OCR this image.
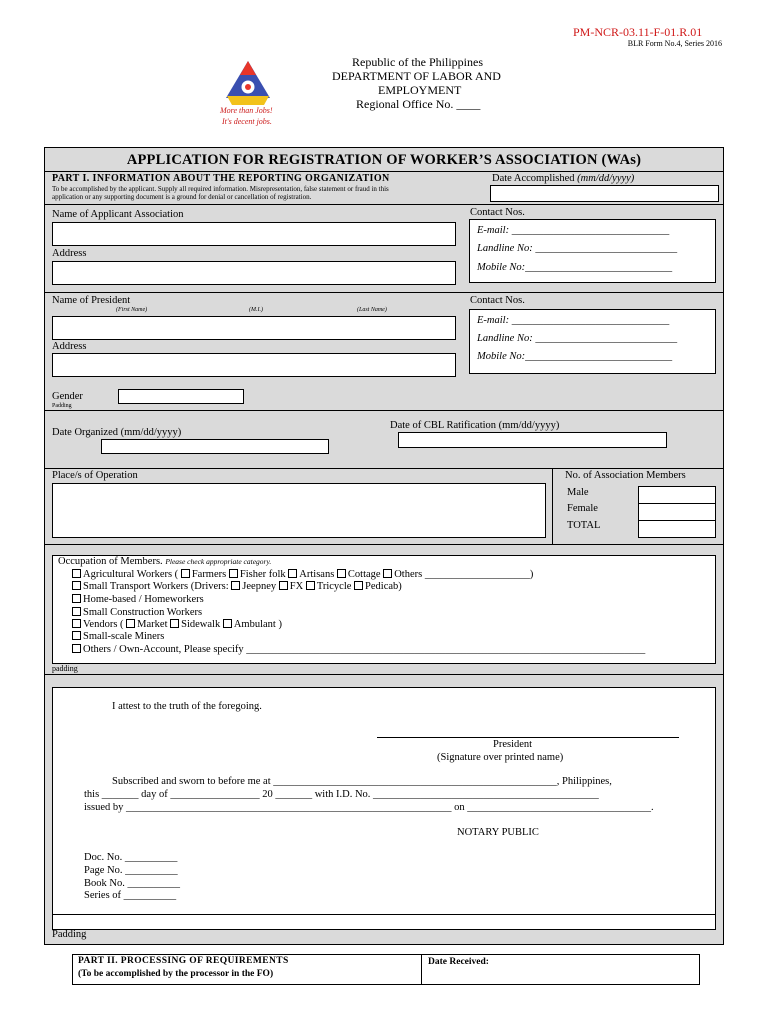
PM-NCR-03.11-F-01.R.01
BLR Form No.4, Series 2016
More than Jobs!
It's decent jobs.
Republic of the Philippines
DEPARTMENT OF LABOR AND
EMPLOYMENT
Regional Office No. ____
APPLICATION FOR REGISTRATION OF WORKER’S ASSOCIATION (WAs)
PART I. INFORMATION ABOUT THE REPORTING ORGANIZATION
To be accomplished by the applicant. Supply all required information. Misrepresentation, false statement or fraud in this
application or any supporting document is a ground for denial or cancellation of registration.
Date Accomplished (mm/dd/yyyy)
Name of Applicant Association
Address
Contact Nos.
E-mail: ______________________________
Landline No: ___________________________
Mobile No:____________________________
Name of President
(First Name)	(M.I.)	(Last Name)
Address
Contact Nos.
E-mail: ______________________________
Landline No: ___________________________
Mobile No:____________________________
Gender
Padding
Date Organized (mm/dd/yyyy)
Date of CBL Ratification (mm/dd/yyyy)
Place/s of Operation	No. of Association Members
Male
Female
TOTAL
Occupation of Members. Please check appropriate category.
Agricultural Workers ( Farmers Fisher folk Artisans Cottage Others ____________________)
Small Transport Workers (Drivers: Jeepney FX Tricycle Pedicab)
Home-based / Homeworkers
Small Construction Workers
Vendors ( Market Sidewalk Ambulant )
Small-scale Miners
Others / Own-Account, Please specify ____________________________________________________________________________
padding
I attest to the truth of the foregoing.
President
(Signature over printed name)
Subscribed and sworn to before me at ______________________________________________________, Philippines,
this _______ day of _________________ 20 _______ with I.D. No. ___________________________________________
issued by ______________________________________________________________ on ___________________________________.
NOTARY PUBLIC
Doc. No. __________
Page No. __________
Book No. __________
Series of __________
Padding
PART II. PROCESSING OF REQUIREMENTS
(To be accomplished by the processor in the FO)
Date Received:
